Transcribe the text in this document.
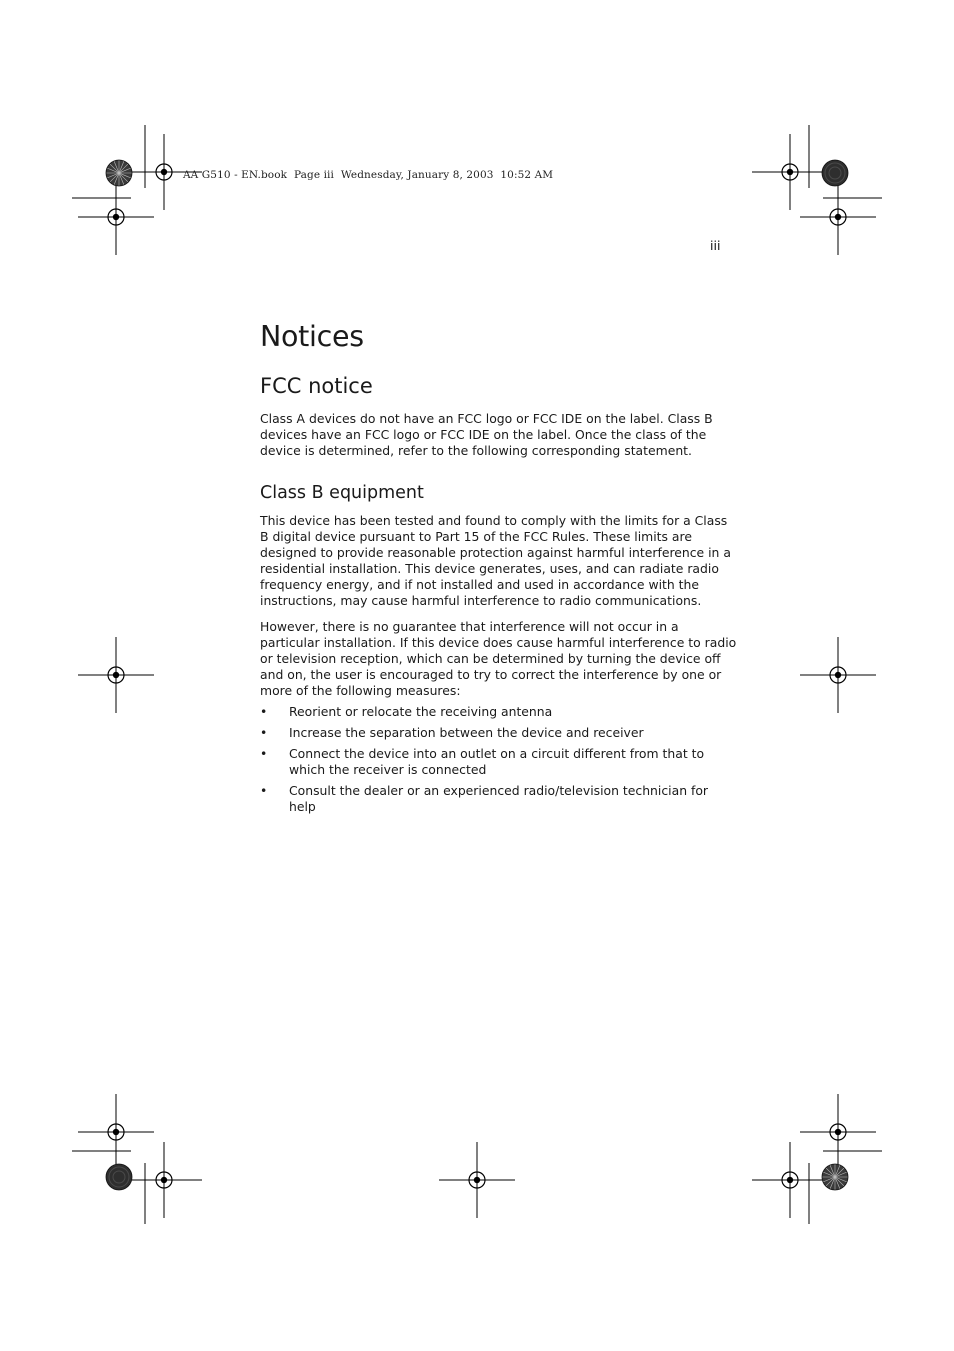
AA G510 - EN.book  Page iii  Wednesday, January 8, 2003  10:52 AM
iii
Notices
FCC notice

Class A devices do not have an FCC logo or FCC IDE on the label. Class B devices have an FCC logo or FCC IDE on the label. Once the class of the device is determined, refer to the following corresponding statement.

Class B equipment

This device has been tested and found to comply with the limits for a Class B digital device pursuant to Part 15 of the FCC Rules. These limits are designed to provide reasonable protection against harmful interference in a residential installation. This device generates, uses, and can radiate radio frequency energy, and if not installed and used in accordance with the instructions, may cause harmful interference to radio communications.

However, there is no guarantee that interference will not occur in a particular installation. If this device does cause harmful interference to radio or television reception, which can be determined by turning the device off and on, the user is encouraged to try to correct the interference by one or more of the following measures:

• Reorient or relocate the receiving antenna
• Increase the separation between the device and receiver
• Connect the device into an outlet on a circuit different from that to which the receiver is connected
• Consult the dealer or an experienced radio/television technician for help
